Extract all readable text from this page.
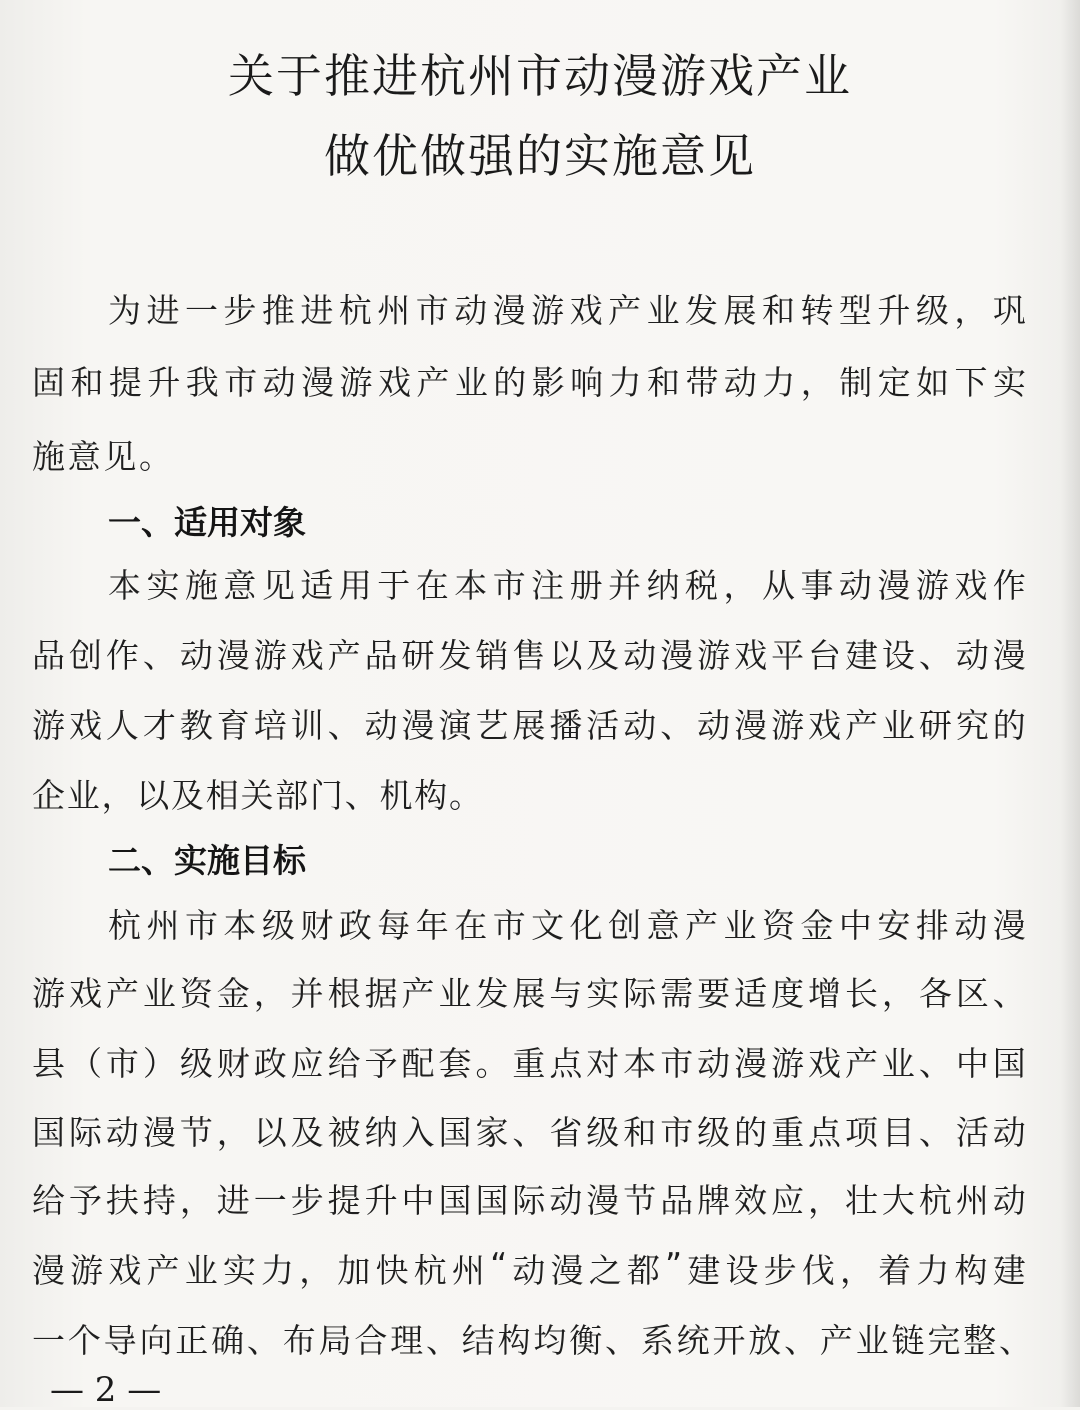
关于推进杭州市动漫游戏产业
做优做强的实施意见
为 进 一 步 推 进 杭 州 市 动 漫 游 戏 产 业 发 展 和 转 型 升 级 ， 巩
固 和 提 升 我 市 动 漫 游 戏 产 业 的 影 响 力 和 带 动 力 ， 制 定 如 下 实
施 意 见 。
一、适用对象
本 实 施 意 见 适 用 于 在 本 市 注 册 并 纳 税 ， 从 事 动 漫 游 戏 作
品 创 作 、 动 漫 游 戏 产 品 研 发 销 售 以 及 动 漫 游 戏 平 台 建 设 、 动 漫
游 戏 人 才 教 育 培 训 、 动 漫 演 艺 展 播 活 动 、 动 漫 游 戏 产 业 研 究 的
企 业 ， 以 及 相 关 部 门 、 机 构 。
二、实施目标
杭 州 市 本 级 财 政 每 年 在 市 文 化 创 意 产 业 资 金 中 安 排 动 漫
游 戏 产 业 资 金 ， 并 根 据 产 业 发 展 与 实 际 需 要 适 度 增 长 ， 各 区 、
县 （ 市 ） 级 财 政 应 给 予 配 套 。 重 点 对 本 市 动 漫 游 戏 产 业 、 中 国
国 际 动 漫 节 ， 以 及 被 纳 入 国 家 、 省 级 和 市 级 的 重 点 项 目 、 活 动
给 予 扶 持 ， 进 一 步 提 升 中 国 国 际 动 漫 节 品 牌 效 应 ， 壮 大 杭 州 动
漫 游 戏 产 业 实 力 ， 加 快 杭 州 “ 动 漫 之 都 ” 建 设 步 伐 ， 着 力 构 建
一 个 导 向 正 确 、 布 局 合 理 、 结 构 均 衡 、 系 统 开 放 、 产 业 链 完 整 、
— 2 —
